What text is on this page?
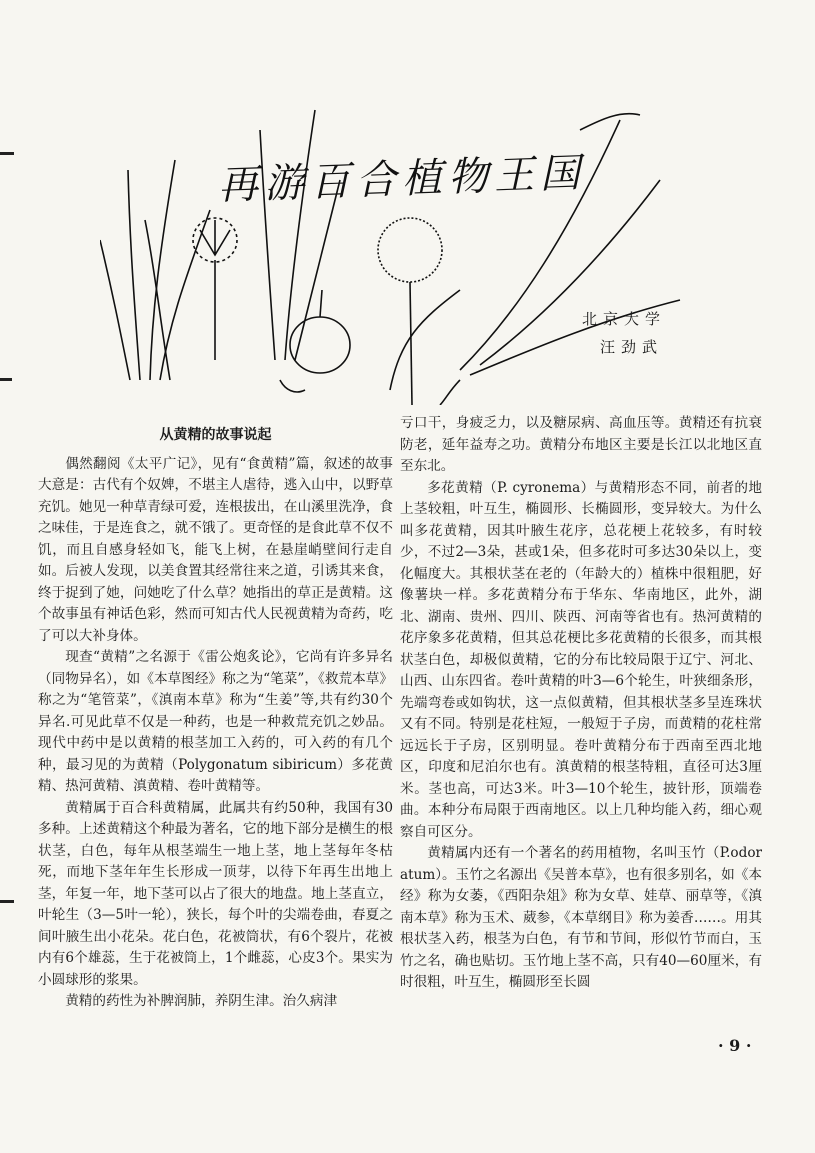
再游百合植物王国
北京大学
汪劲武
从黄精的故事说起

偶然翻阅《太平广记》，见有“食黄精”篇，叙述的故事大意是：古代有个奴婢，不堪主人虐待，逃入山中，以野草充饥。她见一种草青绿可爱，连根拔出，在山溪里洗净，食之味佳，于是连食之，就不饿了。更奇怪的是食此草不仅不饥，而且自感身轻如飞，能飞上树，在悬崖峭壁间行走自如。后被人发现，以美食置其经常往来之道，引诱其来食，终于捉到了她，问她吃了什么草？她指出的草正是黄精。这个故事虽有神话色彩，然而可知古代人民视黄精为奇药，吃了可以大补身体。

现查“黄精”之名源于《雷公炮炙论》，它尚有许多异名（同物异名），如《本草图经》称之为“笔菜”，《救荒本草》称之为“笔管菜”，《滇南本草》称为“生姜”等,共有约30个异名.可见此草不仅是一种药，也是一种救荒充饥之妙品。现代中药中是以黄精的根茎加工入药的，可入药的有几个种，最习见的为黄精（Polygonatum sibiricum）多花黄精、热河黄精、滇黄精、卷叶黄精等。

黄精属于百合科黄精属，此属共有约50种，我国有30多种。上述黄精这个种最为著名，它的地下部分是横生的根状茎，白色，每年从根茎端生一地上茎，地上茎每年冬枯死，而地下茎年年生长形成一顶芽，以待下年再生出地上茎，年复一年，地下茎可以占了很大的地盘。地上茎直立，叶轮生（3—5叶一轮），狭长，每个叶的尖端卷曲，春夏之间叶腋生出小花朵。花白色，花被筒状，有6个裂片，花被内有6个雄蕊，生于花被筒上，1个雌蕊，心皮3个。果实为小圆球形的浆果。

黄精的药性为补脾润肺，养阴生津。治久病津

亏口干，身疲乏力，以及糖尿病、高血压等。黄精还有抗衰防老，延年益寿之功。黄精分布地区主要是长江以北地区直至东北。

多花黄精（P. cyronema）与黄精形态不同，前者的地上茎较粗，叶互生，椭圆形、长椭圆形，变异较大。为什么叫多花黄精，因其叶腋生花序，总花梗上花较多，有时较少，不过2—3朵，甚或1朵，但多花时可多达30朵以上，变化幅度大。其根状茎在老的（年龄大的）植株中很粗肥，好像薯块一样。多花黄精分布于华东、华南地区，此外，湖北、湖南、贵州、四川、陕西、河南等省也有。热河黄精的花序象多花黄精，但其总花梗比多花黄精的长很多，而其根状茎白色，却极似黄精，它的分布比较局限于辽宁、河北、山西、山东四省。卷叶黄精的叶3—6个轮生，叶狭细条形，先端弯卷或如钩状，这一点似黄精，但其根状茎多呈连珠状又有不同。特别是花柱短，一般短于子房，而黄精的花柱常远远长于子房，区别明显。卷叶黄精分布于西南至西北地区，印度和尼泊尔也有。滇黄精的根茎特粗，直径可达3厘米。茎也高，可达3米。叶3—10个轮生，披针形，顶端卷曲。本种分布局限于西南地区。以上几种均能入药，细心观察自可区分。

黄精属内还有一个著名的药用植物，名叫玉竹（P.odoratum）。玉竹之名源出《吴普本草》，也有很多别名，如《本经》称为女萎，《西阳杂俎》称为女草、娃草、丽草等，《滇南本草》称为玉术、葳参，《本草纲目》称为姜香……。用其根状茎入药，根茎为白色，有节和节间，形似竹节而白，玉竹之名，确也贴切。玉竹地上茎不高，只有40—60厘米，有时很粗，叶互生，椭圆形至长圆

· 9 ·
